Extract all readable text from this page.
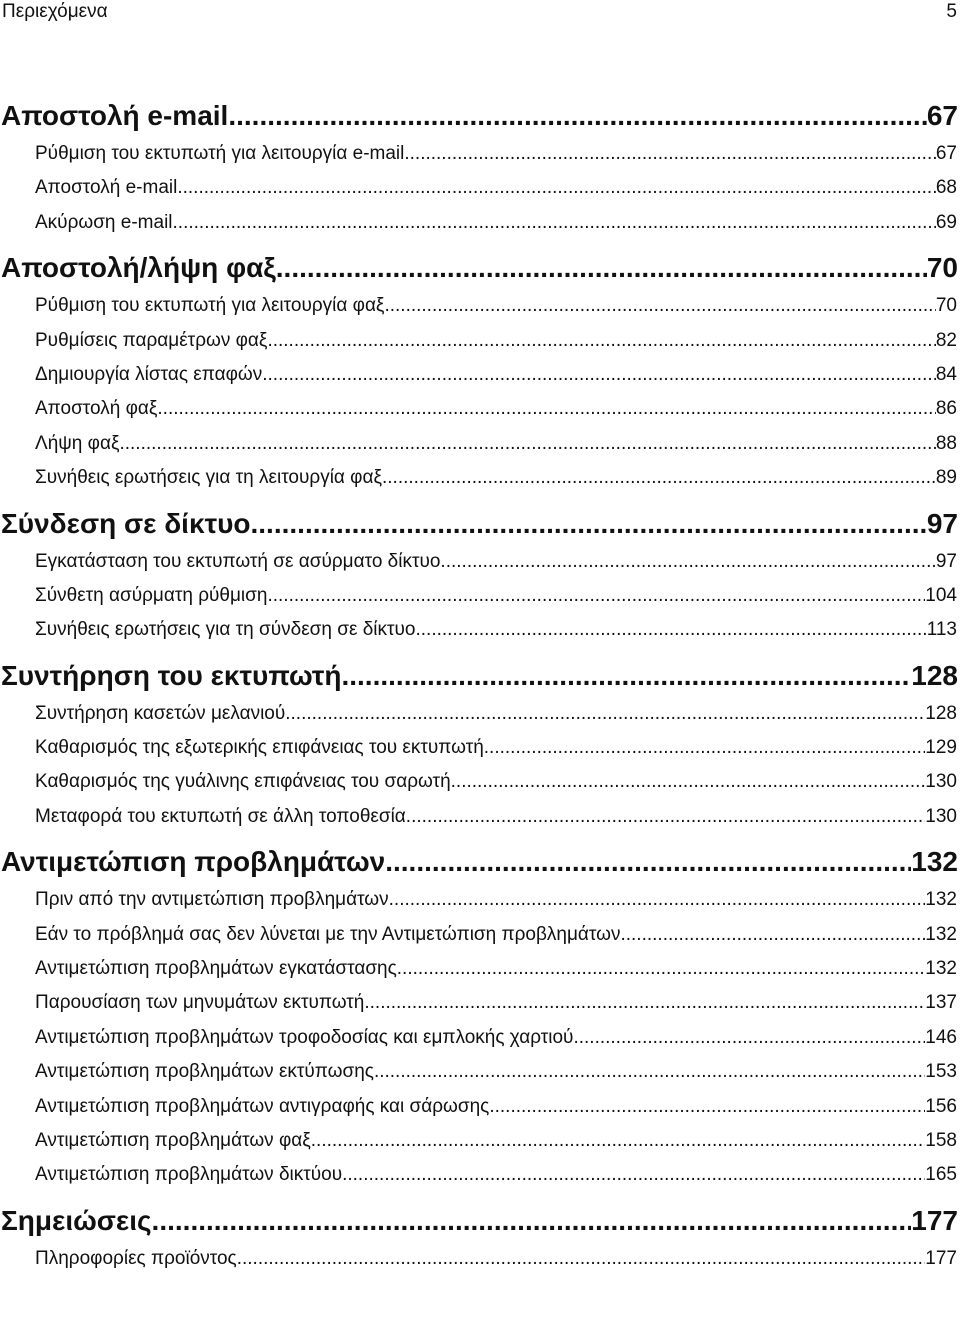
Περιεχόμενα	5
Αποστολή e-mail .....	67
Ρύθμιση του εκτυπωτή για λειτουργία e-mail .....	67
Αποστολή e-mail .....	68
Ακύρωση e-mail .....	69
Αποστολή/λήψη φαξ .....	70
Ρύθμιση του εκτυπωτή για λειτουργία φαξ .....	70
Ρυθμίσεις παραμέτρων φαξ .....	82
Δημιουργία λίστας επαφών .....	84
Αποστολή φαξ .....	86
Λήψη φαξ .....	88
Συνήθεις ερωτήσεις για τη λειτουργία φαξ .....	89
Σύνδεση σε δίκτυο .....	97
Εγκατάσταση του εκτυπωτή σε ασύρματο δίκτυο .....	97
Σύνθετη ασύρματη ρύθμιση .....	104
Συνήθεις ερωτήσεις για τη σύνδεση σε δίκτυο .....	113
Συντήρηση του εκτυπωτή .....	128
Συντήρηση κασετών μελανιού .....	128
Καθαρισμός της εξωτερικής επιφάνειας του εκτυπωτή .....	129
Καθαρισμός της γυάλινης επιφάνειας του σαρωτή .....	130
Μεταφορά του εκτυπωτή σε άλλη τοποθεσία .....	130
Αντιμετώπιση προβλημάτων .....	132
Πριν από την αντιμετώπιση προβλημάτων .....	132
Εάν το πρόβλημά σας δεν λύνεται με την Αντιμετώπιση προβλημάτων .....	132
Αντιμετώπιση προβλημάτων εγκατάστασης .....	132
Παρουσίαση των μηνυμάτων εκτυπωτή .....	137
Αντιμετώπιση προβλημάτων τροφοδοσίας και εμπλοκής χαρτιού .....	146
Αντιμετώπιση προβλημάτων εκτύπωσης .....	153
Αντιμετώπιση προβλημάτων αντιγραφής και σάρωσης .....	156
Αντιμετώπιση προβλημάτων φαξ .....	158
Αντιμετώπιση προβλημάτων δικτύου .....	165
Σημειώσεις .....	177
Πληροφορίες προϊόντος .....	177
